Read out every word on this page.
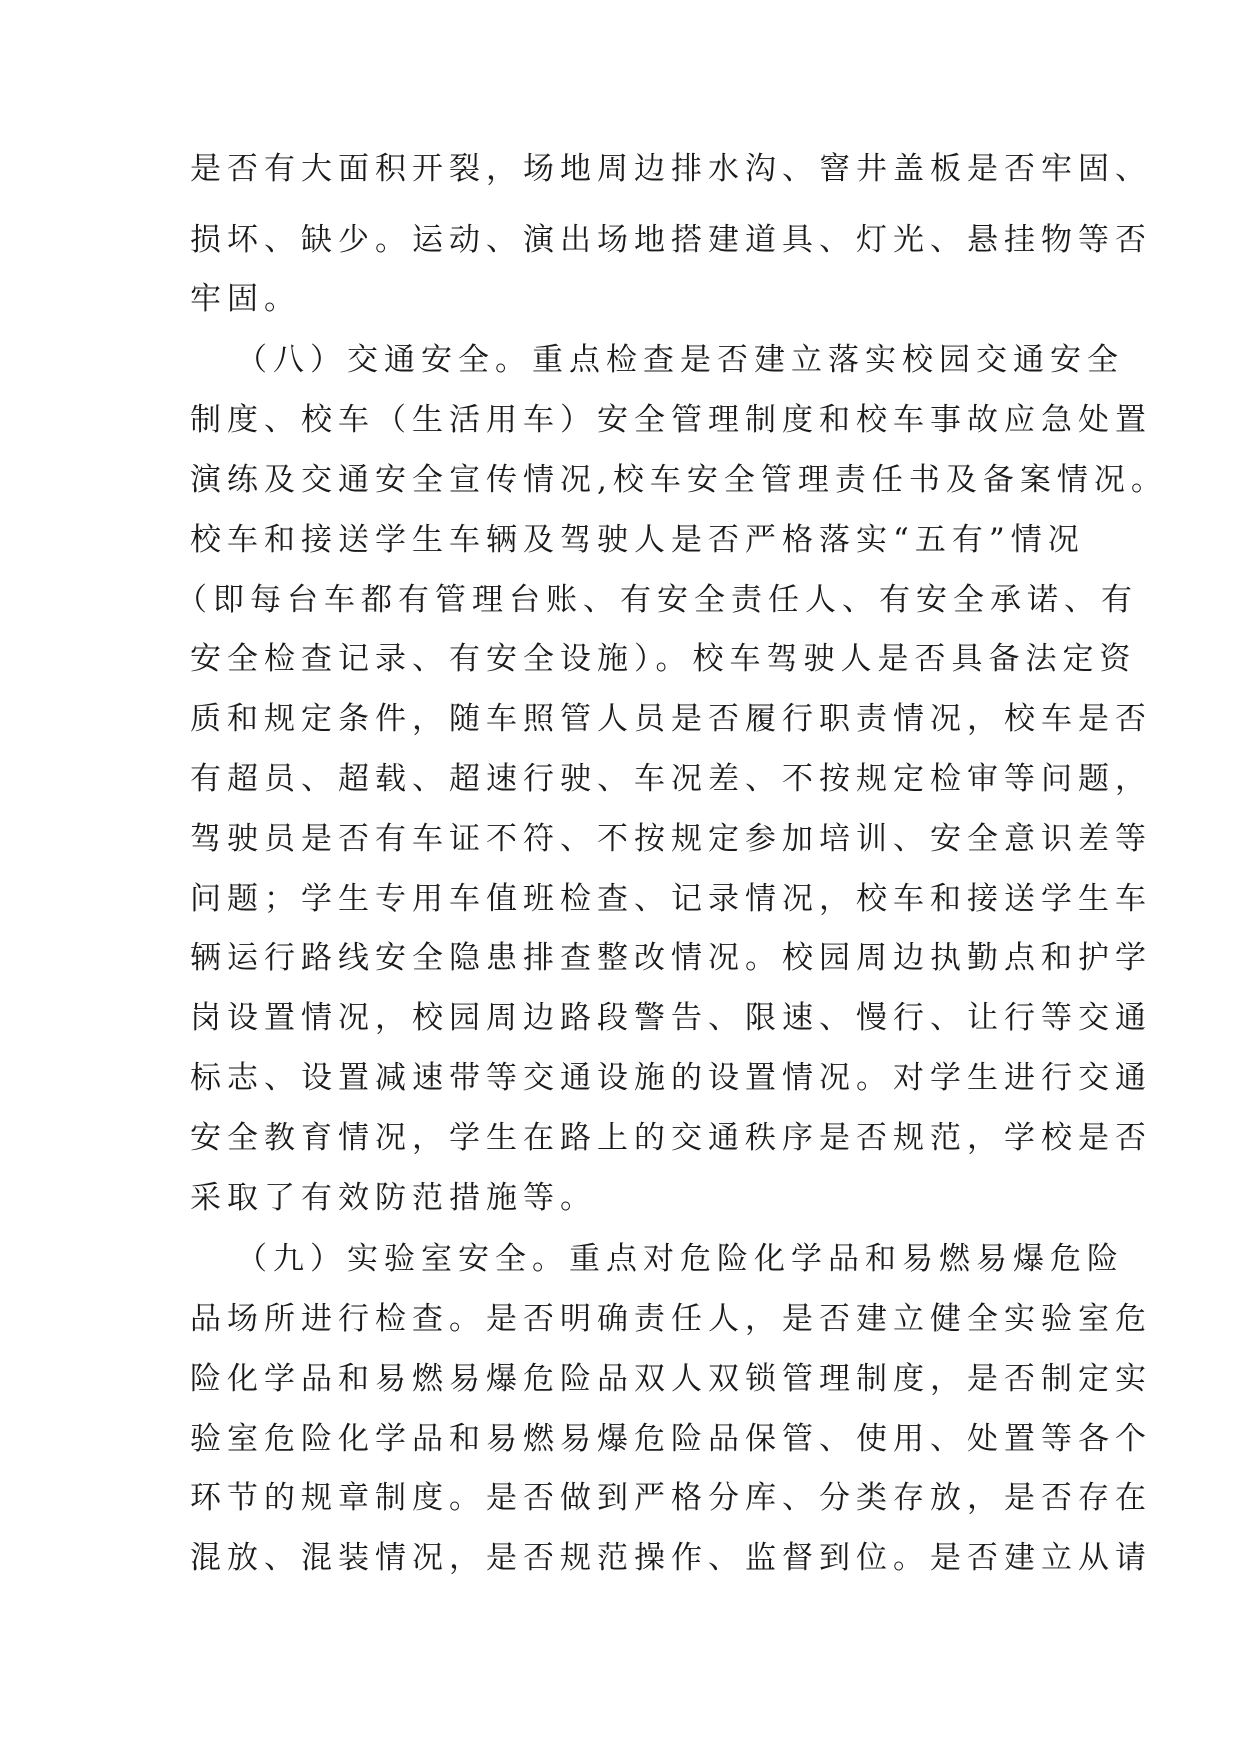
是否有大面积开裂，场地周边排水沟、窨井盖板是否牢固、
损坏、缺少。运动、演出场地搭建道具、灯光、悬挂物等否
牢固。
（八）交通安全。重点检查是否建立落实校园交通安全
制度、校车（生活用车）安全管理制度和校车事故应急处置
演练及交通安全宣传情况,校车安全管理责任书及备案情况。
校车和接送学生车辆及驾驶人是否严格落实“五有”情况
（即每台车都有管理台账、有安全责任人、有安全承诺、有
安全检查记录、有安全设施）。校车驾驶人是否具备法定资
质和规定条件，随车照管人员是否履行职责情况，校车是否
有超员、超载、超速行驶、车况差、不按规定检审等问题，
驾驶员是否有车证不符、不按规定参加培训、安全意识差等
问题；学生专用车值班检查、记录情况，校车和接送学生车
辆运行路线安全隐患排查整改情况。校园周边执勤点和护学
岗设置情况，校园周边路段警告、限速、慢行、让行等交通
标志、设置减速带等交通设施的设置情况。对学生进行交通
安全教育情况，学生在路上的交通秩序是否规范，学校是否
采取了有效防范措施等。
（九）实验室安全。重点对危险化学品和易燃易爆危险
品场所进行检查。是否明确责任人，是否建立健全实验室危
险化学品和易燃易爆危险品双人双锁管理制度，是否制定实
验室危险化学品和易燃易爆危险品保管、使用、处置等各个
环节的规章制度。是否做到严格分库、分类存放，是否存在
混放、混装情况，是否规范操作、监督到位。是否建立从请
